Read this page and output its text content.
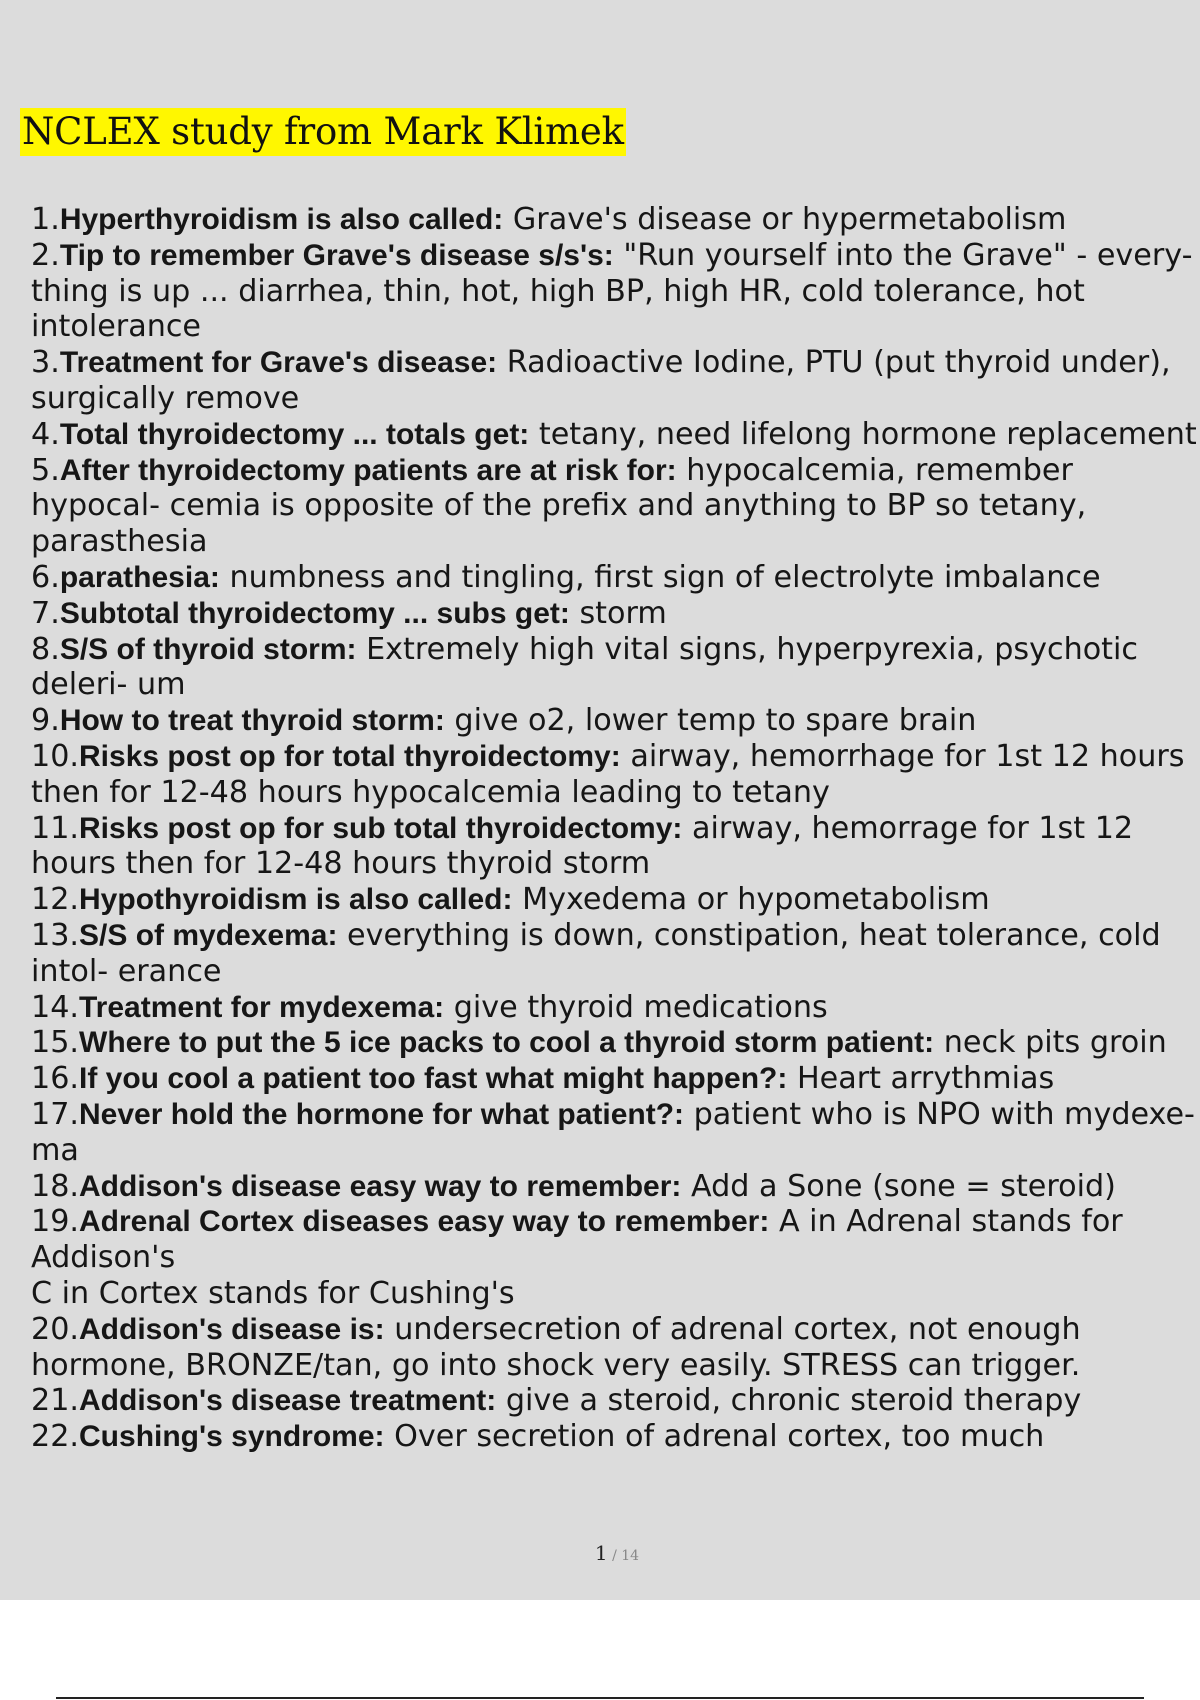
NCLEX study from Mark Klimek
1.Hyperthyroidism is also called: Grave's disease or hypermetabolism
2.Tip to remember Grave's disease s/s's: "Run yourself into the Grave" - every- thing is up ... diarrhea, thin, hot, high BP, high HR, cold tolerance, hot intolerance
3.Treatment for Grave's disease: Radioactive Iodine, PTU (put thyroid under), surgically remove
4.Total thyroidectomy ... totals get: tetany, need lifelong hormone replacement
5.After thyroidectomy patients are at risk for: hypocalcemia, remember hypocal- cemia is opposite of the prefix and anything to BP so tetany, parasthesia
6.parathesia: numbness and tingling, first sign of electrolyte imbalance
7.Subtotal thyroidectomy ... subs get: storm
8.S/S of thyroid storm: Extremely high vital signs, hyperpyrexia, psychotic deleri- um
9.How to treat thyroid storm: give o2, lower temp to spare brain
10.Risks post op for total thyroidectomy: airway, hemorrhage for 1st 12 hours then for 12-48 hours hypocalcemia leading to tetany
11.Risks post op for sub total thyroidectomy: airway, hemorrage for 1st 12 hours then for 12-48 hours thyroid storm
12.Hypothyroidism is also called: Myxedema or hypometabolism
13.S/S of mydexema: everything is down, constipation, heat tolerance, cold intol- erance
14.Treatment for mydexema: give thyroid medications
15.Where to put the 5 ice packs to cool a thyroid storm patient: neck pits groin
16.If you cool a patient too fast what might happen?: Heart arrythmias
17.Never hold the hormone for what patient?: patient who is NPO with mydexe- ma
18.Addison's disease easy way to remember: Add a Sone (sone = steroid)
19.Adrenal Cortex diseases easy way to remember: A in Adrenal stands for Addison's
C in Cortex stands for Cushing's
20.Addison's disease is: undersecretion of adrenal cortex, not enough hormone, BRONZE/tan, go into shock very easily. STRESS can trigger.
21.Addison's disease treatment: give a steroid, chronic steroid therapy
22.Cushing's syndrome: Over secretion of adrenal cortex, too much
1 / 14
